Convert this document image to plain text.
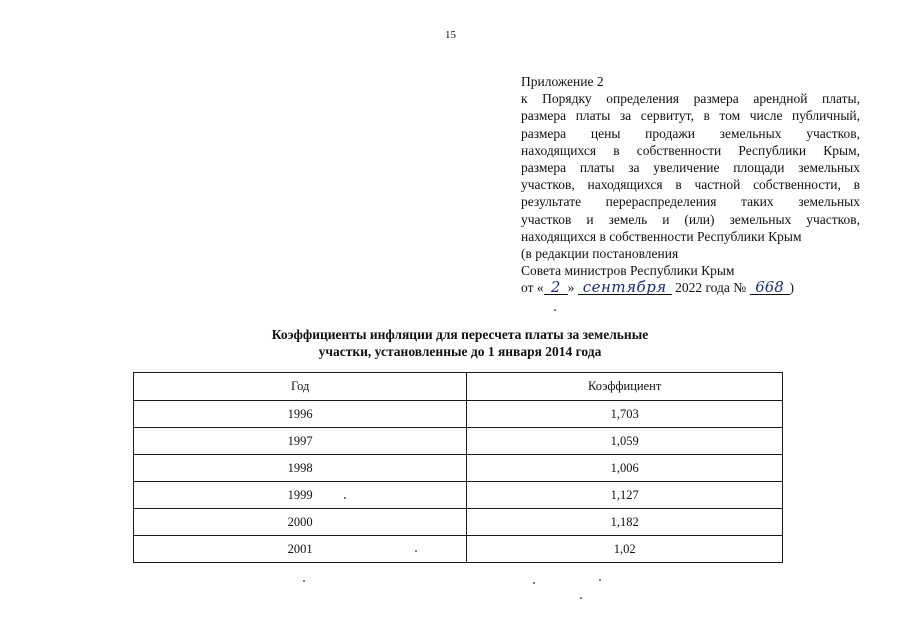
15
Приложение 2
к Порядку определения размера арендной платы,
размера платы за сервитут, в том числе публичный,
размера цены продажи земельных участков,
находящихся в собственности Республики Крым,
размера платы за увеличение площади земельных
участков, находящихся в частной собственности, в
результате перераспределения таких земельных
участков и земель и (или) земельных участков,
находящихся в собственности Республики Крым
(в редакции постановления
Совета министров Республики Крым
от « 2 » сентября 2022 года № 668 )
Коэффициенты инфляции для пересчета платы за земельные
участки, установленные до 1 января 2014 года
Год	Коэффициент
1996	1,703
1997	1,059
1998	1,006
1999	1,127
2000	1,182
2001	1,02
